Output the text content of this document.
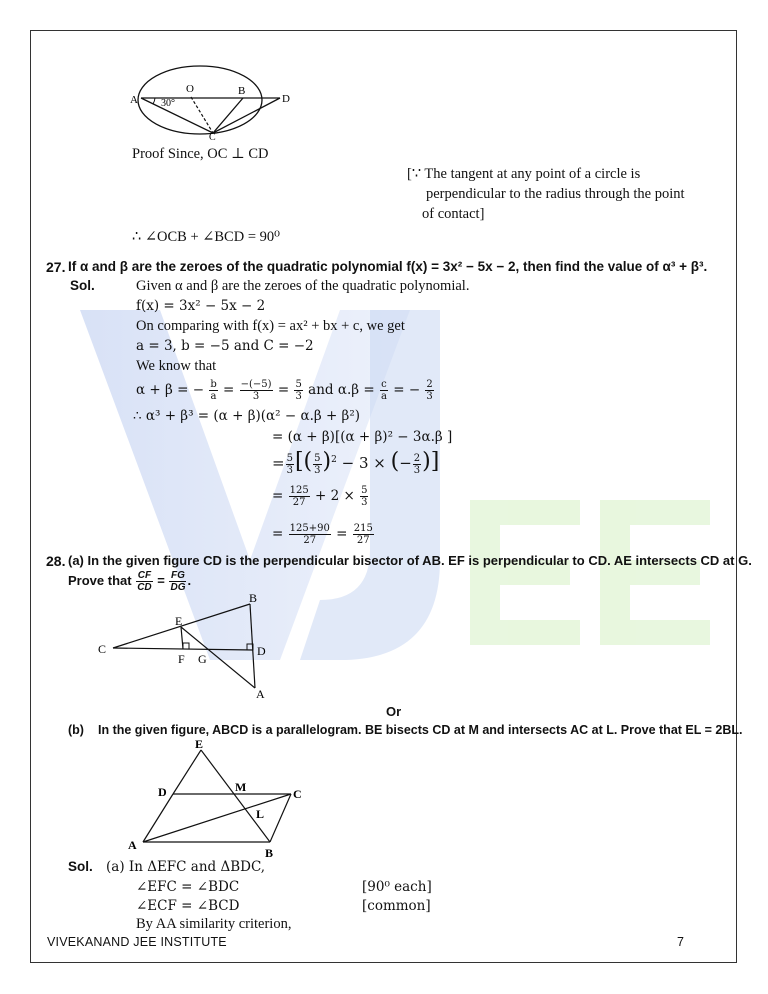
A
O	B
D
C
30°
Proof Since, OC ⊥ CD
[∵ The tangent at any point of a circle is
perpendicular to the radius through the point
of contact]
∴ ∠OCB + ∠BCD = 90⁰
27. If α and β are the zeroes of the quadratic polynomial f(x) = 3x² − 5x − 2, then find the value of α³ + β³.
Sol.	Given α and β are the zeroes of the quadratic polynomial.
f(x) = 3x² − 5x − 2
On comparing with f(x) = ax² + bx + c, we get
a = 3, b = −5 and C = −2
We know that
α + β = − $\frac{b}{a} = \frac{-(-5)}{3} = \frac{5}{3}$ and $\alpha.\beta = \frac{c}{a}$ = − $\frac{2}{3}$
∴ α³ + β³ = (α + β)(α² − α.β + β²)
= (α + β)[(α + β)² − 3α.β ]
= $\frac{5}{3}$ [( $\frac{5}{3} )^2 - 3$ × (− $\frac{2}{3}$ )]
= $\frac{125}{27} + 2 \times \frac{5}{3}$
= $\frac{125+90}{27} = \frac{215}{27}$
28. (a) In the given figure CD is the perpendicular bisector of AB. EF is perpendicular to CD. AE intersects CD at G.
Prove that $\frac{CF}{CD} = \frac{FG}{DG}$ .
B
E
C	D
F G
A
Or
(b) In the given figure, ABCD is a parallelogram. BE bisects CD at M and intersects AC at L. Prove that EL = 2BL.
E
D	M	C
L
A
B
Sol. (a) In ΔEFC and ΔBDC,
∠EFC = ∠BDC	[90⁰ each]
∠ECF = ∠BCD	[common]
By AA similarity criterion,
VIVEKANAND JEE INSTITUTE	7
